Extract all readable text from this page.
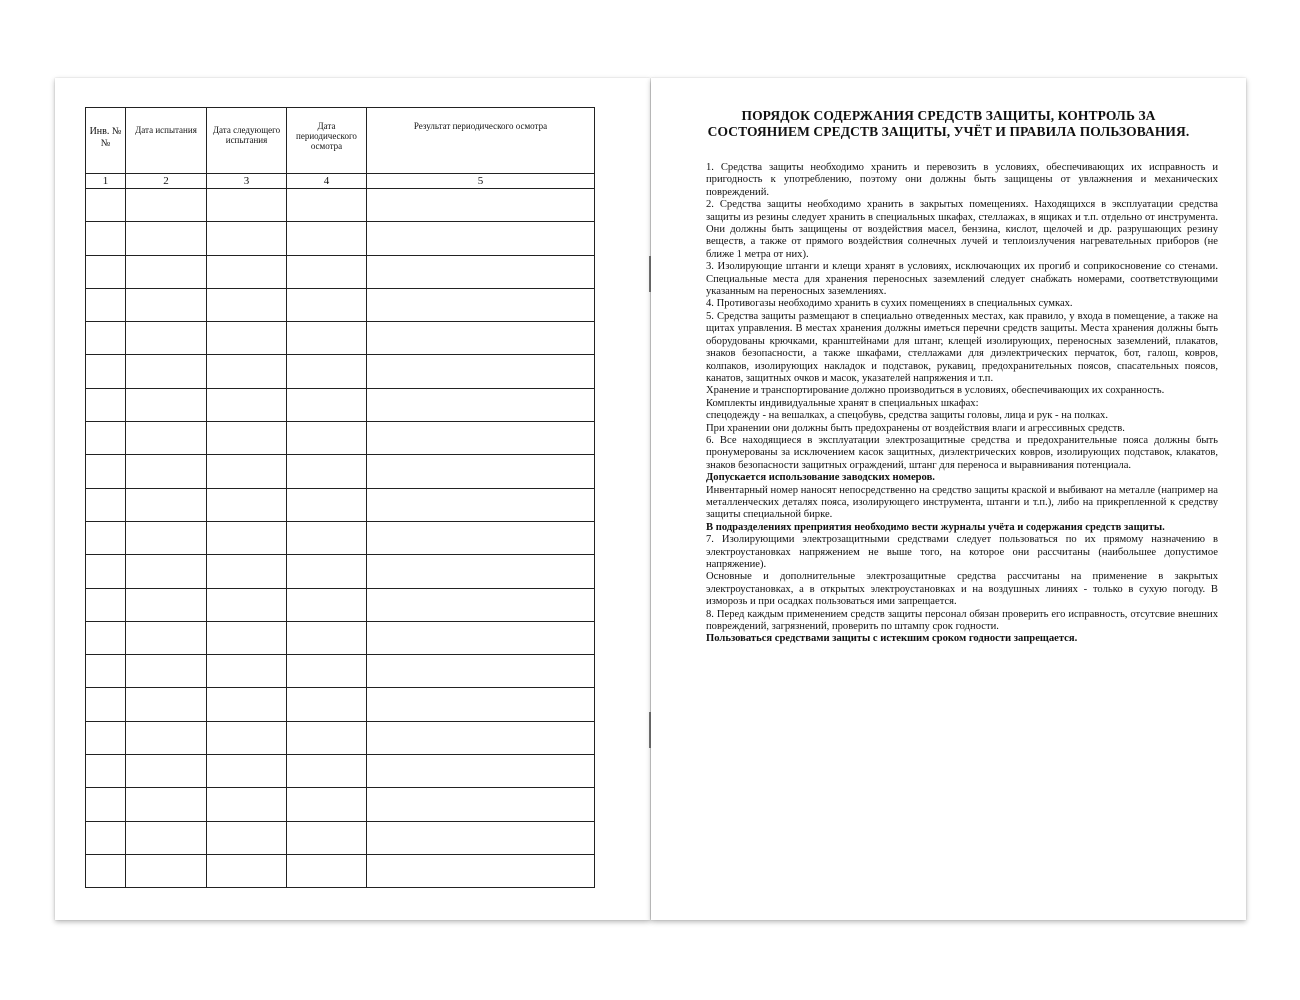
Инв. №№	Дата испытания	Дата следующего испытания	Дата периодического осмотра	Результат периодического осмотра
1	2	3	4	5

ПОРЯДОК СОДЕРЖАНИЯ СРЕДСТВ ЗАЩИТЫ, КОНТРОЛЬ ЗА
СОСТОЯНИЕМ СРЕДСТВ ЗАЩИТЫ, УЧЁТ И ПРАВИЛА ПОЛЬЗОВАНИЯ.

1. Средства защиты необходимо хранить и перевозить в условиях, обеспечивающих их исправность и пригодность к употреблению, поэтому они должны быть защищены от увлажнения и механических повреждений.

2. Средства защиты необходимо хранить в закрытых помещениях. Находящихся в эксплуатации средства защиты из резины следует хранить в специальных шкафах, стеллажах, в ящиках и т.п. отдельно от инструмента. Они должны быть защищены от воздействия масел, бензина, кислот, щелочей и др. разрушающих резину веществ, а также от прямого воздействия солнечных лучей и теплоизлучения нагревательных приборов (не ближе 1 метра от них).

3. Изолирующие штанги и клещи хранят в условиях, исключающих их прогиб и соприкосновение со стенами. Специальные места для хранения переносных заземлений следует снабжать номерами, соответствующими указанным на переносных заземлениях.

4. Противогазы необходимо хранить в сухих помещениях в специальных сумках.

5. Средства защиты размещают в специально отведенных местах, как правило, у входа в помещение, а также на щитах управления. В местах хранения должны иметься перечни средств защиты. Места хранения должны быть оборудованы крючками, кранштейнами для штанг, клещей изолирующих, переносных заземлений, плакатов, знаков безопасности, а также шкафами, стеллажами для диэлектрических перчаток, бот, галош, ковров, колпаков, изолирующих накладок и подставок, рукавиц, предохранительных поясов, спасательных поясов, канатов, защитных очков и масок, указателей напряжения и т.п.

Хранение и транспортирование должно производиться в условиях, обеспечивающих их сохранность.

Комплекты индивидуальные хранят в специальных шкафах:

спецодежду - на вешалках, а спецобувь, средства защиты головы, лица и рук - на полках.

При хранении они должны быть предохранены от воздействия влаги и агрессивных средств.

6. Все находящиеся в эксплуатации электрозащитные средства и предохранительные пояса должны быть пронумерованы за исключением касок защитных, диэлектрических ковров, изолирующих подставок, клакатов, знаков безопасности защитных ограждений, штанг для переноса и выравнивания потенциала.

Допускается использование заводских номеров.

Инвентарный номер наносят непосредственно на средство защиты краской и выбивают на металле (например на металленческих деталях пояса, изолирующего инструмента, штанги и т.п.), либо на прикрепленной к средству защиты специальной бирке.

В подразделениях преприятия необходимо вести журналы учёта и содержания средств защиты.

7. Изолирующими электрозащитными средствами следует пользоваться по их прямому назначению в электроустановках напряжением не выше того, на которое они рассчитаны (наибольшее допустимое напряжение).

Основные и дополнительные электрозащитные средства рассчитаны на применение в закрытых электроустановках, а в открытых электроустановках и на воздушных линиях - только в сухую погоду. В изморозь и при осадках пользоваться ими запрещается.

8. Перед каждым применением средств защиты персонал обязан проверить его исправность, отсутсвие внешних повреждений, загрязнений, проверить по штампу срок годности.

Пользоваться средствами защиты с истекшим сроком годности запрещается.
